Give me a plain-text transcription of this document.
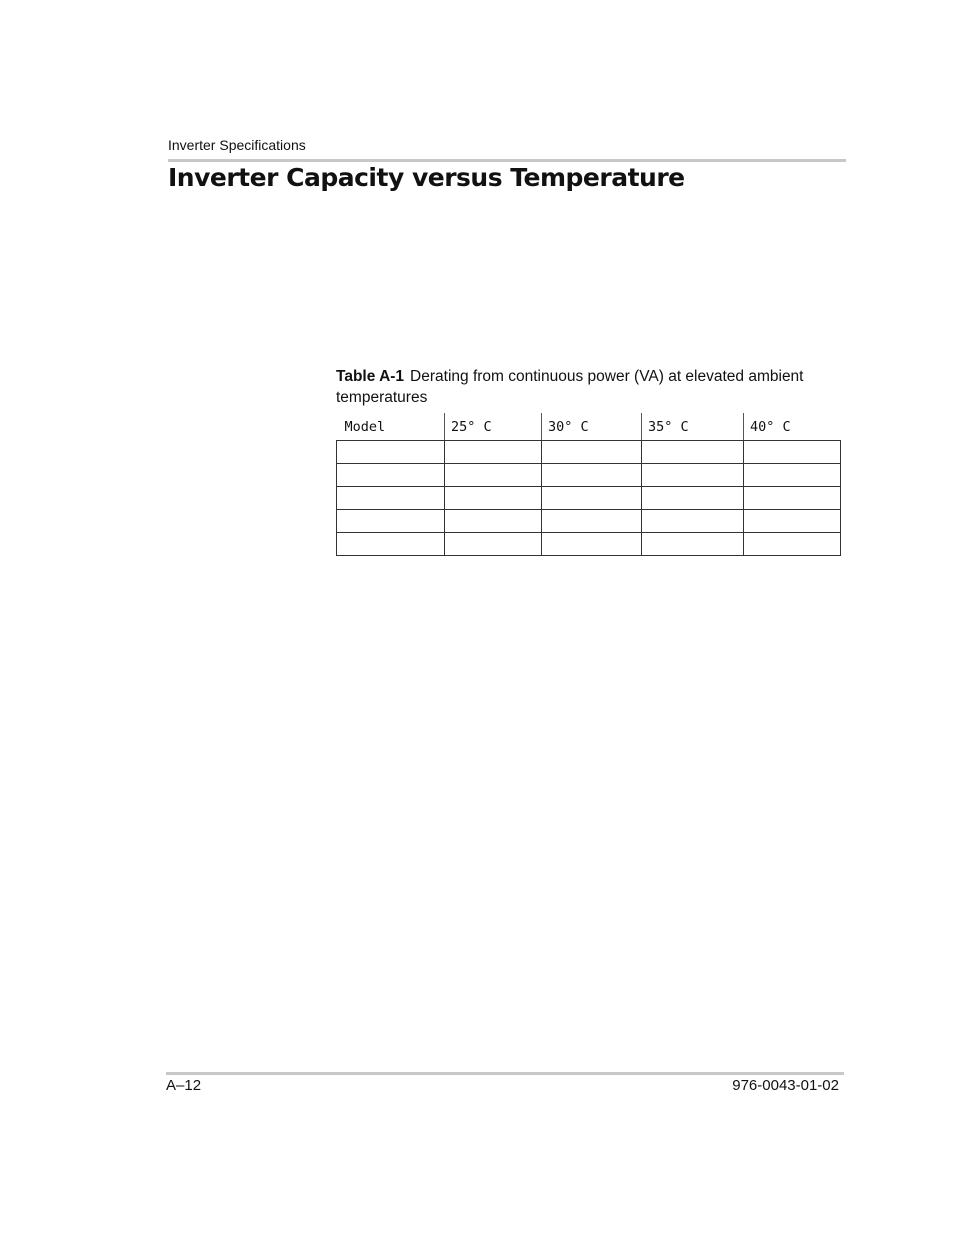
Inverter Specifications
Inverter Capacity versus Temperature
Table A-1 Derating from continuous power (VA) at elevated ambient temperatures
Model	25° C	30° C	35° C	40° C

A–12	976-0043-01-02
